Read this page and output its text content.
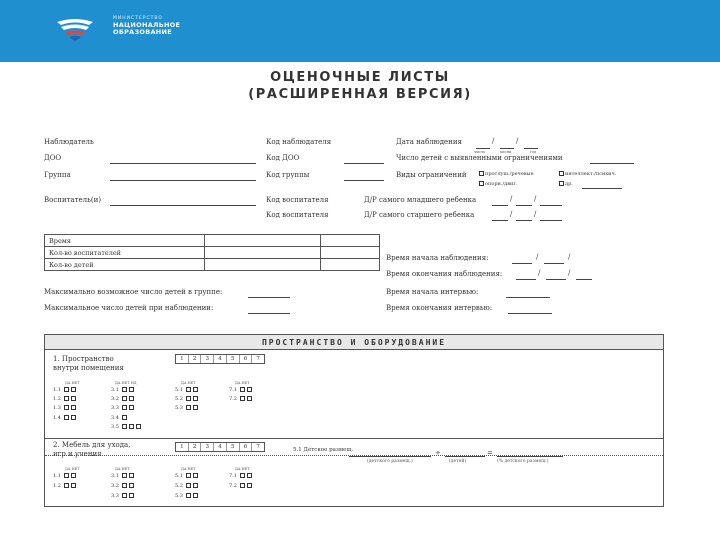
МИНИСТЕРСТВО
НАЦИОНАЛЬНОЕ
ОБРАЗОВАНИЕ
ОЦЕНОЧНЫЕ ЛИСТЫ
(РАСШИРЕННАЯ ВЕРСИЯ)
Наблюдатель	Код наблюдателя	Дата наблюдения	/	/
число	месяц	год
ДОО	Код ДОО	Число детей с выявленными ограничениями
Группа	Код группы	Виды ограничений	прослуш./речевые	интеллект./психич.
опорн./двиг.	др.
Воспитатель(и)	Код воспитателя
Код воспитателя
Д/Р самого младшего ребенка	/	/
Д/Р самого старшего ребенка	/	/
Время		
Кол-во воспитателей		
Кол-во детей		
Время начала наблюдения:	/	/
Время окончания наблюдения:	/	/
Время начала интервью:
Время окончания интервью:
Максимально возможное число детей в группе:
Максимальное число детей при наблюдении:
ПРОСТРАНСТВО И ОБОРУДОВАНИЕ
1. Пространство
внутри помещения
1	2	3	4	5	6	7
ДА НЕТ
1.1
1.2
1.3
1.4
ДА НЕТ НД
3.1
3.2
3.3
3.4
3.5
ДА НЕТ
5.1
5.2
5.3
ДА НЕТ
7.1
7.2
2. Мебель для ухода,
игр и учения
1	2	3	4	5	6	7	5.1 Детское размещ.	÷	=
(детского размещ.)	(детей)	(% детского размещ.)
ДА НЕТ
1.1
1.2
ДА НЕТ
3.1
3.2
3.3
ДА НЕТ
5.1
5.2
5.3
ДА НЕТ
7.1
7.2
